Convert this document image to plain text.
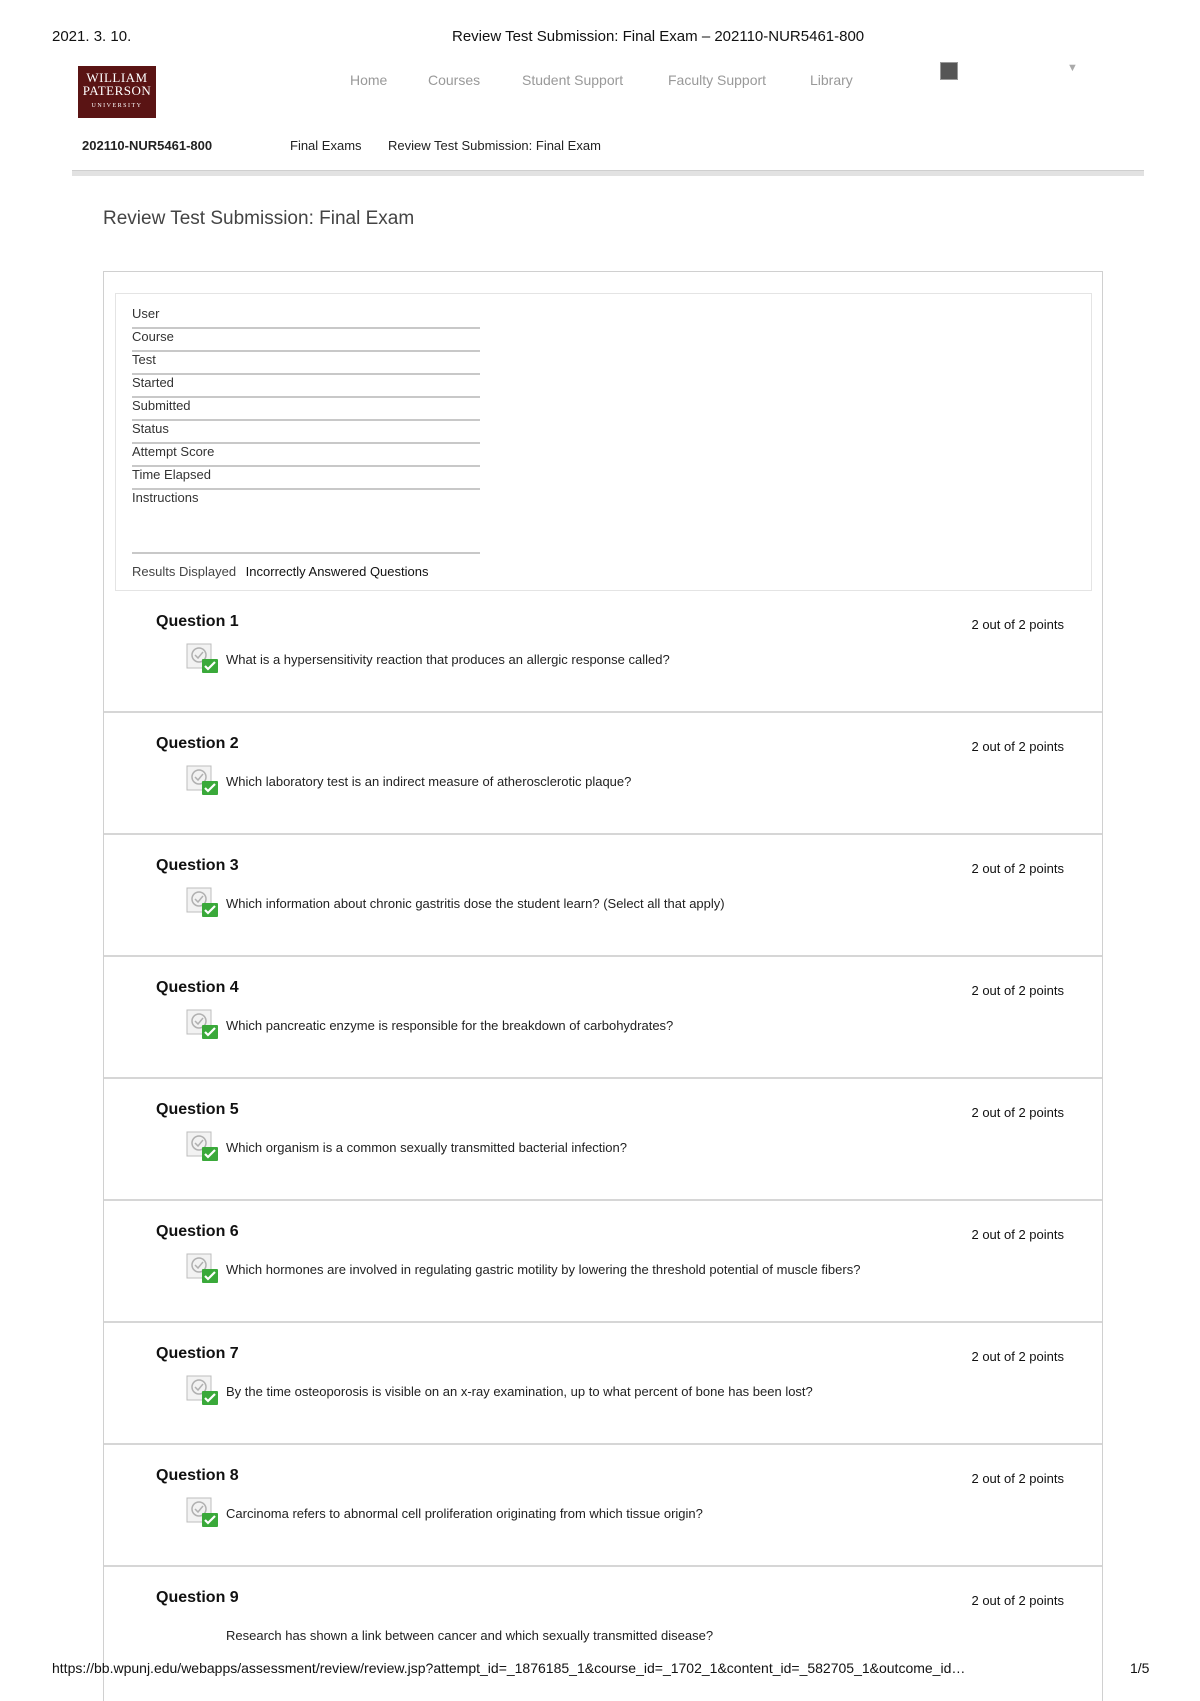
2021. 3. 10.	Review Test Submission: Final Exam – 202110-NUR5461-800
WILLIAM
PATERSON
UNIVERSITY
Home	Courses	Student Support	Faculty Support	Library
▼
202110-NUR5461-800	Final Exams Review Test Submission: Final Exam
Review Test Submission: Final Exam
User
Course
Test
Started
Submitted
Status
Attempt Score
Time Elapsed
Instructions
Results Displayed Incorrectly Answered Questions
Question 1	2 out of 2 points
What is a hypersensitivity reaction that produces an allergic response called?
Question 2	2 out of 2 points
Which laboratory test is an indirect measure of atherosclerotic plaque?
Question 3	2 out of 2 points
Which information about chronic gastritis dose the student learn? (Select all that apply)
Question 4	2 out of 2 points
Which pancreatic enzyme is responsible for the breakdown of carbohydrates?
Question 5	2 out of 2 points
Which organism is a common sexually transmitted bacterial infection?
Question 6	2 out of 2 points
Which hormones are involved in regulating gastric motility by lowering the threshold potential of muscle fibers?
Question 7	2 out of 2 points
By the time osteoporosis is visible on an x-ray examination, up to what percent of bone has been lost?
Question 8	2 out of 2 points
Carcinoma refers to abnormal cell proliferation originating from which tissue origin?
Question 9	2 out of 2 points
Research has shown a link between cancer and which sexually transmitted disease?
https://bb.wpunj.edu/webapps/assessment/review/review.jsp?attempt_id=_1876185_1&course_id=_1702_1&content_id=_582705_1&outcome_id…	1/5
